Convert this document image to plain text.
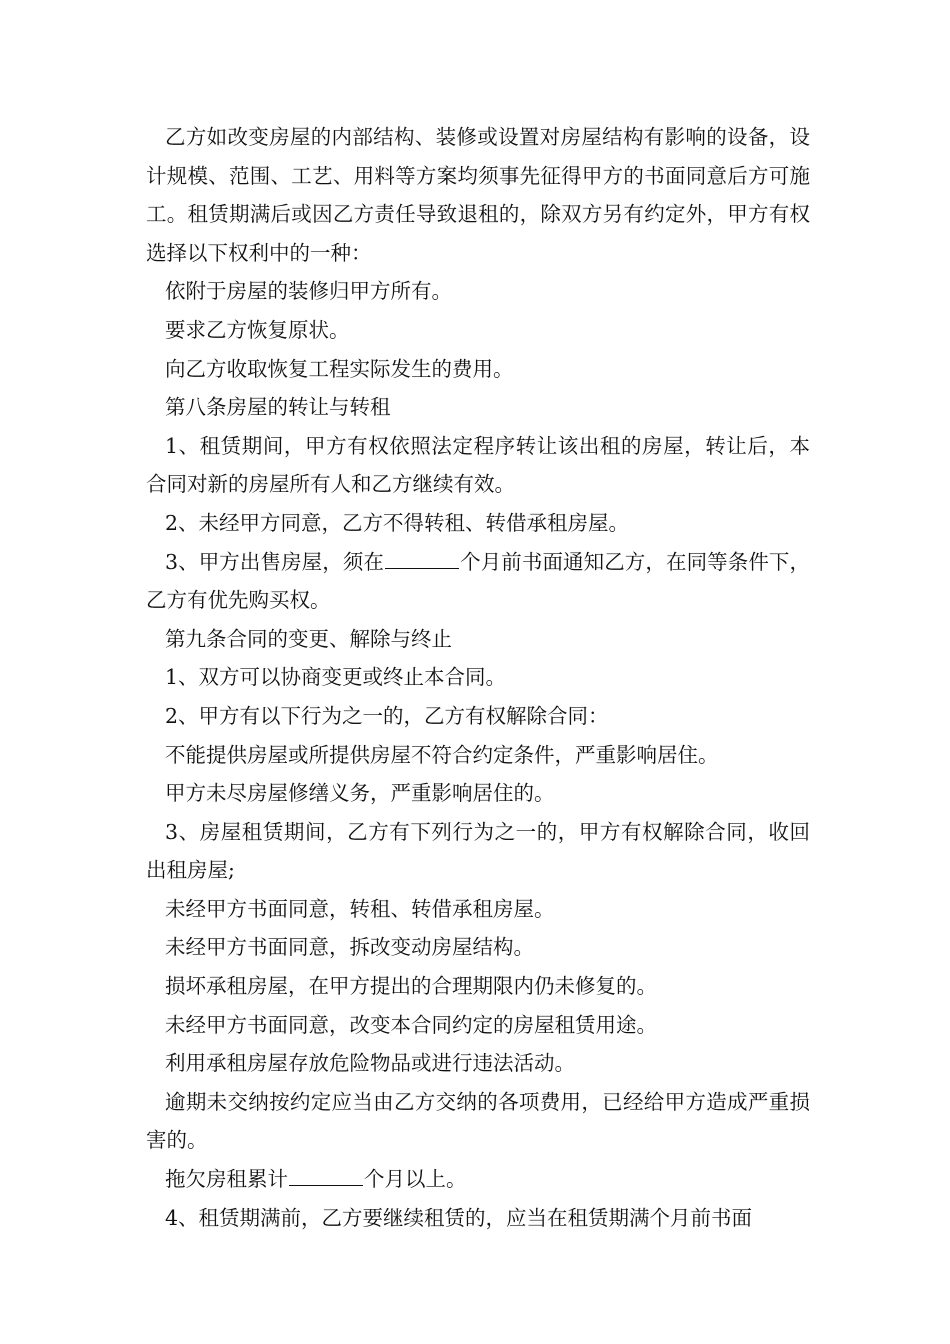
乙方如改变房屋的内部结构、装修或设置对房屋结构有影响的设备，设计规模、范围、工艺、用料等方案均须事先征得甲方的书面同意后方可施工。租赁期满后或因乙方责任导致退租的，除双方另有约定外，甲方有权选择以下权利中的一种：

依附于房屋的装修归甲方所有。

要求乙方恢复原状。

向乙方收取恢复工程实际发生的费用。

第八条房屋的转让与转租

1、租赁期间，甲方有权依照法定程序转让该出租的房屋，转让后，本合同对新的房屋所有人和乙方继续有效。

2、未经甲方同意，乙方不得转租、转借承租房屋。

3、甲方出售房屋，须在	个月前书面通知乙方，在同等条件下，乙方有优先购买权。

第九条合同的变更、解除与终止

1、双方可以协商变更或终止本合同。

2、甲方有以下行为之一的，乙方有权解除合同：

不能提供房屋或所提供房屋不符合约定条件，严重影响居住。

甲方未尽房屋修缮义务，严重影响居住的。

3、房屋租赁期间，乙方有下列行为之一的，甲方有权解除合同，收回出租房屋;

未经甲方书面同意，转租、转借承租房屋。

未经甲方书面同意，拆改变动房屋结构。

损坏承租房屋，在甲方提出的合理期限内仍未修复的。

未经甲方书面同意，改变本合同约定的房屋租赁用途。

利用承租房屋存放危险物品或进行违法活动。

逾期未交纳按约定应当由乙方交纳的各项费用，已经给甲方造成严重损害的。

拖欠房租累计	个月以上。

4、租赁期满前，乙方要继续租赁的，应当在租赁期满个月前书面
